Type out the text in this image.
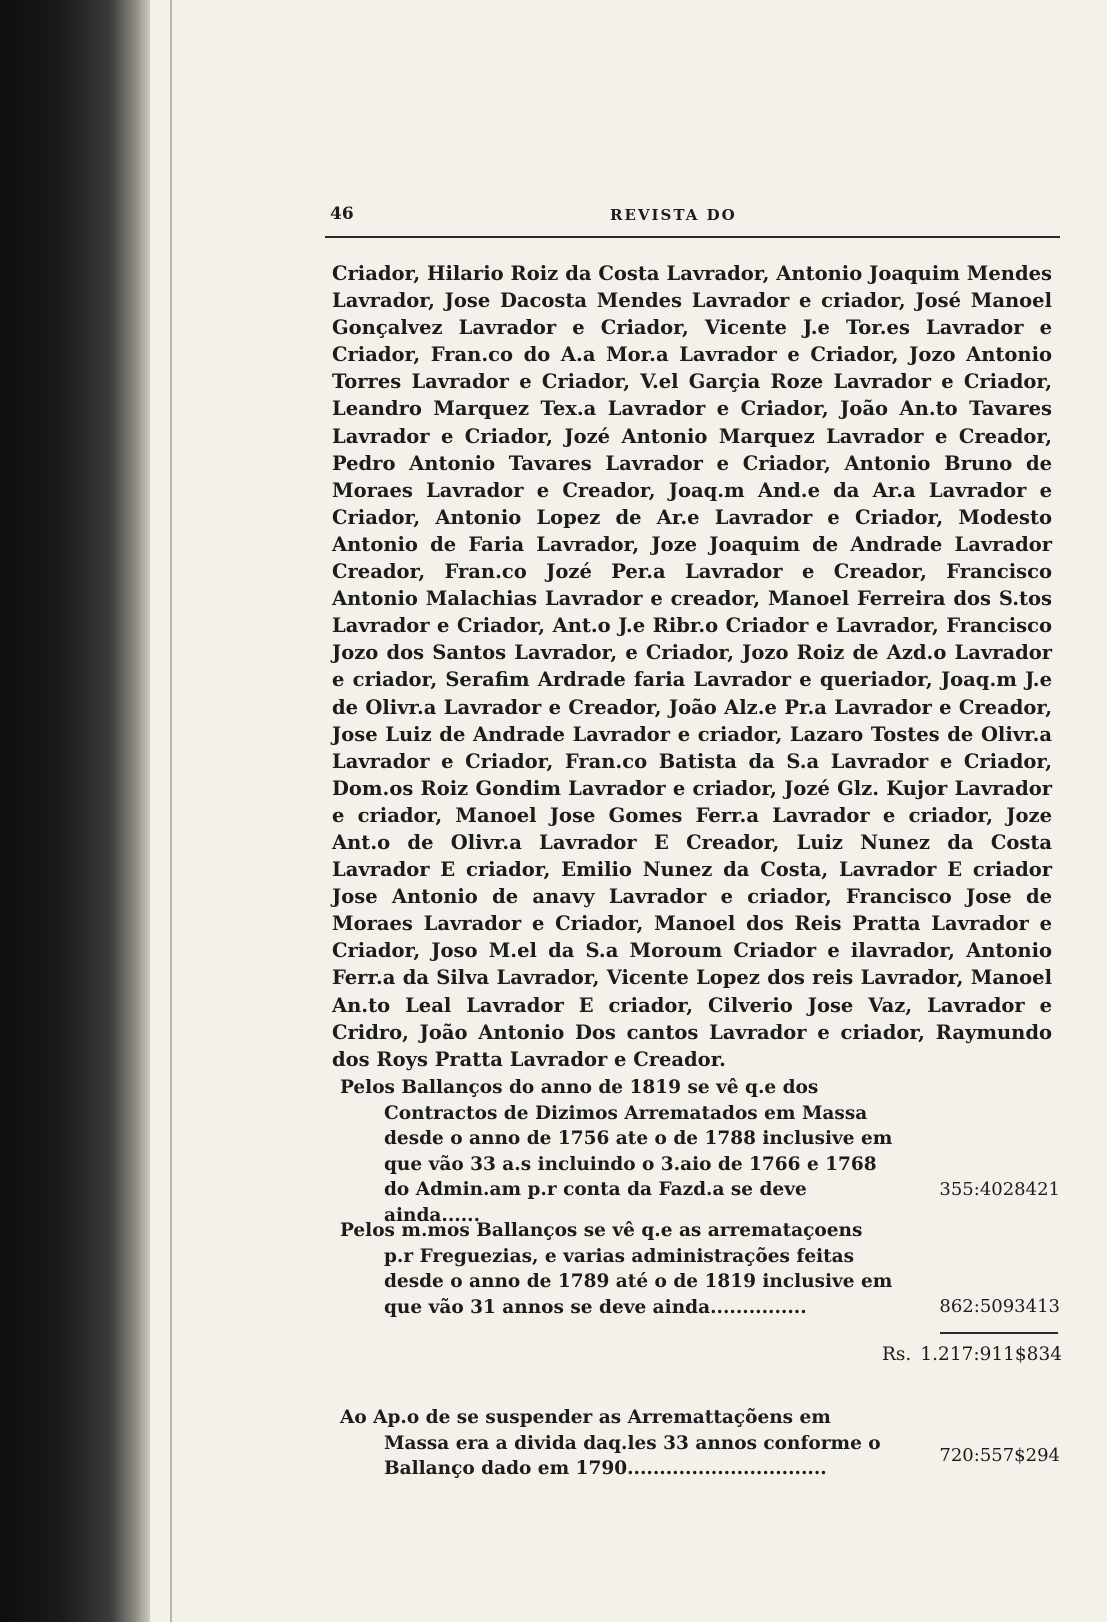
46	REVISTA DO
Criador, Hilario Roiz da Costa Lavrador, Antonio Joaquim Mendes Lavrador, Jose Dacosta Mendes Lavrador e criador, José Manoel Gonçalvez Lavrador e Criador, Vicente J.e Tor.es Lavrador e Criador, Fran.co do A.a Mor.a Lavrador e Criador, Jozo Antonio Torres Lavrador e Criador, V.el Garçia Roze Lavrador e Criador, Leandro Marquez Tex.a Lavrador e Criador, João An.to Tavares Lavrador e Criador, Jozé Antonio Marquez Lavrador e Creador, Pedro Antonio Tavares Lavrador e Criador, Antonio Bruno de Moraes Lavrador e Creador, Joaq.m And.e da Ar.a Lavrador e Criador, Antonio Lopez de Ar.e Lavrador e Criador, Modesto Antonio de Faria Lavrador, Joze Joaquim de Andrade Lavrador Creador, Fran.co Jozé Per.a Lavrador e Creador, Francisco Antonio Malachias Lavrador e creador, Manoel Ferreira dos S.tos Lavrador e Criador, Ant.o J.e Ribr.o Criador e Lavrador, Francisco Jozo dos Santos Lavrador, e Criador, Jozo Roiz de Azd.o Lavrador e criador, Serafim Ardrade faria Lavrador e queriador, Joaq.m J.e de Olivr.a Lavrador e Creador, João Alz.e Pr.a Lavrador e Creador, Jose Luiz de Andrade Lavrador e criador, Lazaro Tostes de Olivr.a Lavrador e Criador, Fran.co Batista da S.a Lavrador e Criador, Dom.os Roiz Gondim Lavrador e criador, Jozé Glz. Kujor Lavrador e criador, Manoel Jose Gomes Ferr.a Lavrador e criador, Joze Ant.o de Olivr.a Lavrador E Creador, Luiz Nunez da Costa Lavrador E criador, Emilio Nunez da Costa, Lavrador E criador Jose Antonio de anavy Lavrador e criador, Francisco Jose de Moraes Lavrador e Criador, Manoel dos Reis Pratta Lavrador e Criador, Joso M.el da S.a Moroum Criador e ilavrador, Antonio Ferr.a da Silva Lavrador, Vicente Lopez dos reis Lavrador, Manoel An.to Leal Lavrador E criador, Cilverio Jose Vaz, Lavrador e Cridro, João Antonio Dos cantos Lavrador e criador, Raymundo dos Roys Pratta Lavrador e Creador.
Pelos Ballanços do anno de 1819 se vê q.e dos Contractos de Dizimos Arrematados em Massa desde o anno de 1756 ate o de 1788 inclusive em que vão 33 a.s incluindo o 3.aio de 1766 e 1768 do Admin.am p.r conta da Fazd.a se deve ainda......
355:4028421
Pelos m.mos Ballanços se vê q.e as arremataçoens p.r Freguezias, e varias administrações feitas desde o anno de 1789 até o de 1819 inclusive em que vão 31 annos se deve ainda...............	862:5093413
Rs. 1.217:911$834
Ao Ap.o de se suspender as Arremattaçõens em Massa era a divida daq.les 33 annos conforme o Ballanço dado em 1790...............................
720:557$294
